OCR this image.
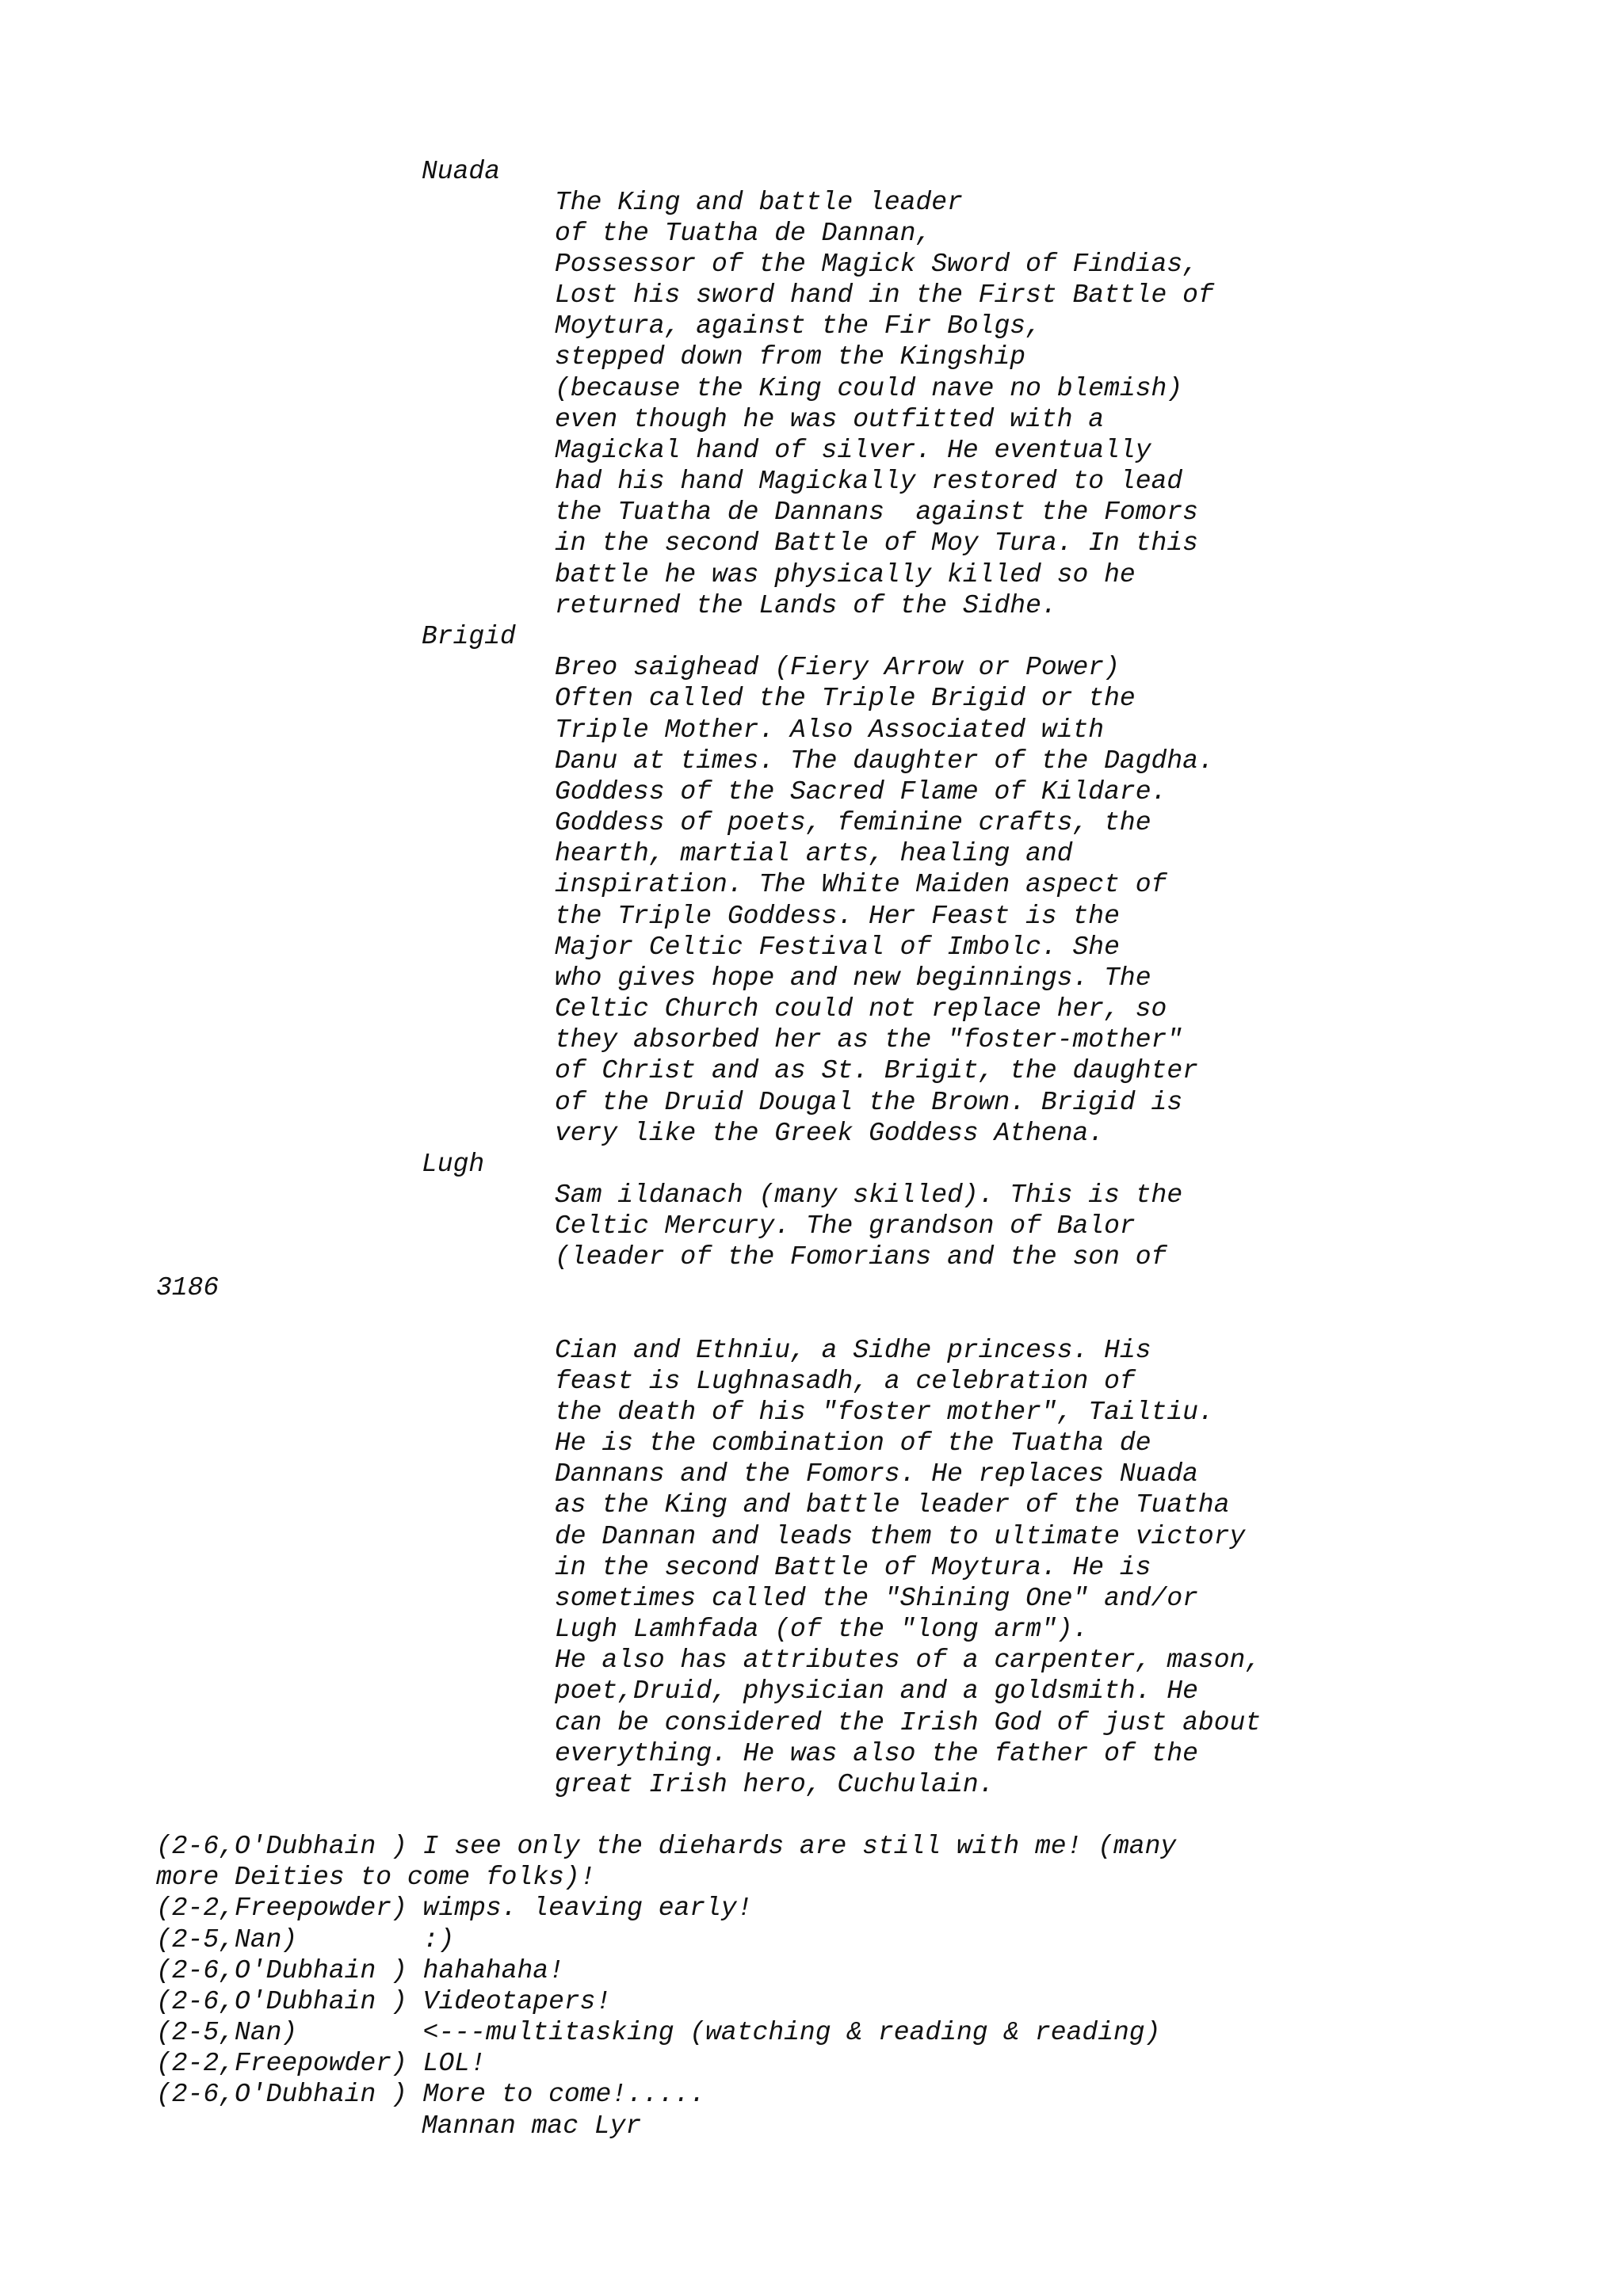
Nuada
The King and battle leader
of the Tuatha de Dannan,
Possessor of the Magick Sword of Findias,
Lost his sword hand in the First Battle of
Moytura, against the Fir Bolgs,
stepped down from the Kingship
(because the King could nave no blemish)
even though he was outfitted with a
Magickal hand of silver. He eventually
had his hand Magickally restored to lead
the Tuatha de Dannans  against the Fomors
in the second Battle of Moy Tura. In this
battle he was physically killed so he
returned the Lands of the Sidhe.
Brigid
Breo saighead (Fiery Arrow or Power)
Often called the Triple Brigid or the
Triple Mother. Also Associated with
Danu at times. The daughter of the Dagdha.
Goddess of the Sacred Flame of Kildare.
Goddess of poets, feminine crafts, the
hearth, martial arts, healing and
inspiration. The White Maiden aspect of
the Triple Goddess. Her Feast is the
Major Celtic Festival of Imbolc. She
who gives hope and new beginnings. The
Celtic Church could not replace her, so
they absorbed her as the "foster-mother"
of Christ and as St. Brigit, the daughter
of the Druid Dougal the Brown. Brigid is
very like the Greek Goddess Athena.
Lugh
Sam ildanach (many skilled). This is the
Celtic Mercury. The grandson of Balor
(leader of the Fomorians and the son of
3186
Cian and Ethniu, a Sidhe princess. His
feast is Lughnasadh, a celebration of
the death of his "foster mother", Tailtiu.
He is the combination of the Tuatha de
Dannans and the Fomors. He replaces Nuada
as the King and battle leader of the Tuatha
de Dannan and leads them to ultimate victory
in the second Battle of Moytura. He is
sometimes called the "Shining One" and/or
Lugh Lamhfada (of the "long arm").
He also has attributes of a carpenter, mason,
poet,Druid, physician and a goldsmith. He
can be considered the Irish God of just about
everything. He was also the father of the
great Irish hero, Cuchulain.
(2-6,O'Dubhain ) I see only the diehards are still with me! (many
more Deities to come folks)!
(2-2,Freepowder) wimps. leaving early!
(2-5,Nan)        :)
(2-6,O'Dubhain ) hahahaha!
(2-6,O'Dubhain ) Videotapers!
(2-5,Nan)        <---multitasking (watching & reading & reading)
(2-2,Freepowder) LOL!
(2-6,O'Dubhain ) More to come!.....
Mannan mac Lyr
